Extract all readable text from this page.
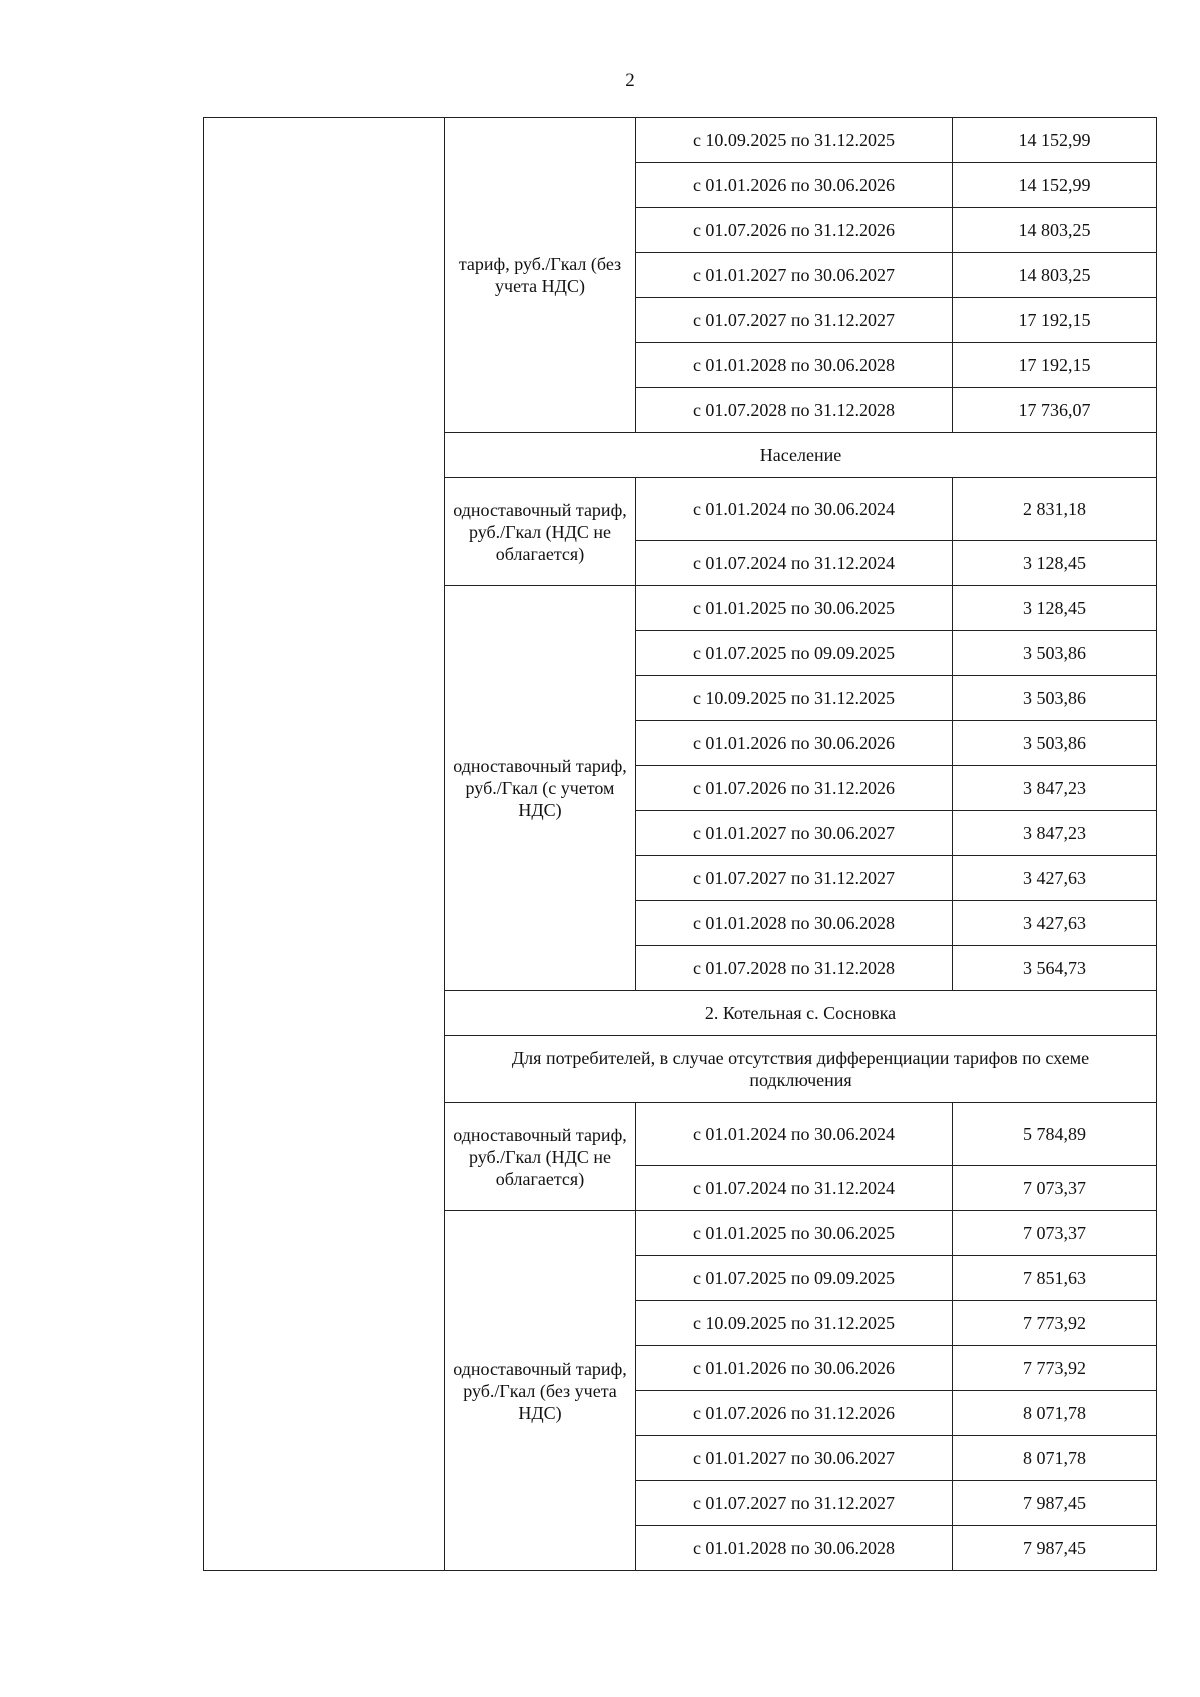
2
	тариф, руб./Гкал (без учета НДС)	с 10.09.2025 по 31.12.2025	14 152,99
		с 01.01.2026 по 30.06.2026	14 152,99
		с 01.07.2026 по 31.12.2026	14 803,25
		с 01.01.2027 по 30.06.2027	14 803,25
		с 01.07.2027 по 31.12.2027	17 192,15
		с 01.01.2028 по 30.06.2028	17 192,15
		с 01.07.2028 по 31.12.2028	17 736,07
	Население		
	одноставочный тариф, руб./Гкал (НДС не облагается)	с 01.01.2024 по 30.06.2024	2 831,18
		с 01.07.2024 по 31.12.2024	3 128,45
	одноставочный тариф, руб./Гкал (с учетом НДС)	с 01.01.2025 по 30.06.2025	3 128,45
		с 01.07.2025 по 09.09.2025	3 503,86
		с 10.09.2025 по 31.12.2025	3 503,86
		с 01.01.2026 по 30.06.2026	3 503,86
		с 01.07.2026 по 31.12.2026	3 847,23
		с 01.01.2027 по 30.06.2027	3 847,23
		с 01.07.2027 по 31.12.2027	3 427,63
		с 01.01.2028 по 30.06.2028	3 427,63
		с 01.07.2028 по 31.12.2028	3 564,73
	2. Котельная с. Сосновка		
	Для потребителей, в случае отсутствия дифференциации тарифов по схеме подключения		
	одноставочный тариф, руб./Гкал (НДС не облагается)	с 01.01.2024 по 30.06.2024	5 784,89
		с 01.07.2024 по 31.12.2024	7 073,37
	одноставочный тариф, руб./Гкал (без учета НДС)	с 01.01.2025 по 30.06.2025	7 073,37
		с 01.07.2025 по 09.09.2025	7 851,63
		с 10.09.2025 по 31.12.2025	7 773,92
		с 01.01.2026 по 30.06.2026	7 773,92
		с 01.07.2026 по 31.12.2026	8 071,78
		с 01.01.2027 по 30.06.2027	8 071,78
		с 01.07.2027 по 31.12.2027	7 987,45
		с 01.01.2028 по 30.06.2028	7 987,45
